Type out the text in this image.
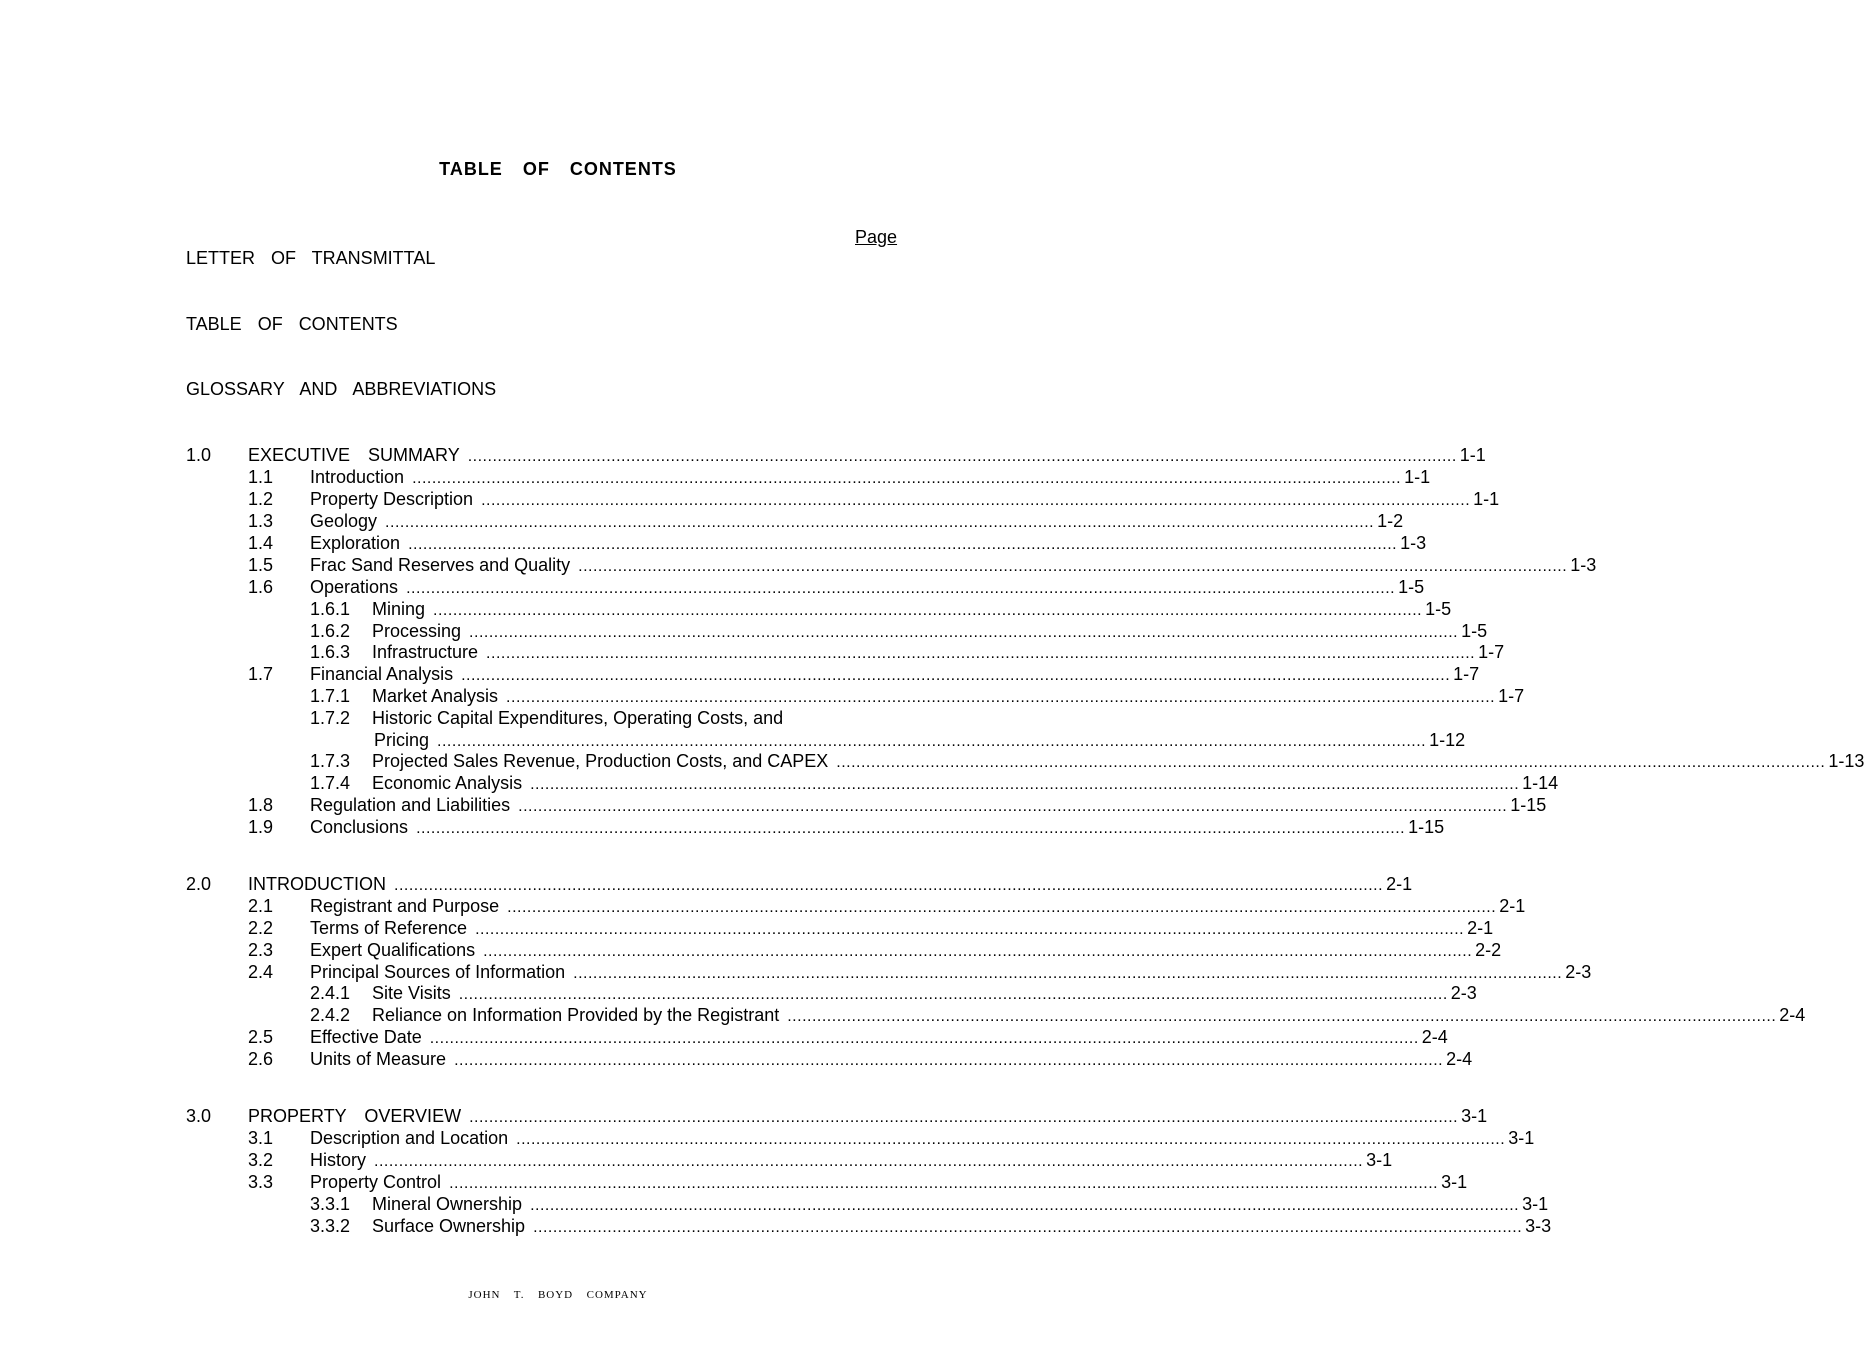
TABLE  OF  CONTENTS
Page
LETTER  OF  TRANSMITTAL
TABLE  OF  CONTENTS
GLOSSARY  AND  ABBREVIATIONS
1.0 EXECUTIVE  SUMMARY ........................................................................................................................................................................................................ 1-1
1.1 Introduction ........................................................................................................................................................................................................ 1-1
1.2 Property Description ........................................................................................................................................................................................................ 1-1
1.3 Geology ........................................................................................................................................................................................................ 1-2
1.4 Exploration ........................................................................................................................................................................................................ 1-3
1.5 Frac Sand Reserves and Quality ........................................................................................................................................................................................................ 1-3
1.6 Operations ........................................................................................................................................................................................................ 1-5
1.6.1 Mining ........................................................................................................................................................................................................ 1-5
1.6.2 Processing ........................................................................................................................................................................................................ 1-5
1.6.3 Infrastructure ........................................................................................................................................................................................................ 1-7
1.7 Financial Analysis ........................................................................................................................................................................................................ 1-7
1.7.1 Market Analysis ........................................................................................................................................................................................................ 1-7
1.7.2 Historic Capital Expenditures, Operating Costs, and
Pricing ........................................................................................................................................................................................................ 1-12
1.7.3 Projected Sales Revenue, Production Costs, and CAPEX ........................................................................................................................................................................................................ 1-13
1.7.4 Economic Analysis ........................................................................................................................................................................................................ 1-14
1.8 Regulation and Liabilities ........................................................................................................................................................................................................ 1-15
1.9 Conclusions ........................................................................................................................................................................................................ 1-15
2.0 INTRODUCTION ........................................................................................................................................................................................................ 2-1
2.1 Registrant and Purpose ........................................................................................................................................................................................................ 2-1
2.2 Terms of Reference ........................................................................................................................................................................................................ 2-1
2.3 Expert Qualifications ........................................................................................................................................................................................................ 2-2
2.4 Principal Sources of Information ........................................................................................................................................................................................................ 2-3
2.4.1 Site Visits ........................................................................................................................................................................................................ 2-3
2.4.2 Reliance on Information Provided by the Registrant ........................................................................................................................................................................................................ 2-4
2.5 Effective Date ........................................................................................................................................................................................................ 2-4
2.6 Units of Measure ........................................................................................................................................................................................................ 2-4
3.0 PROPERTY  OVERVIEW ........................................................................................................................................................................................................ 3-1
3.1 Description and Location ........................................................................................................................................................................................................ 3-1
3.2 History ........................................................................................................................................................................................................ 3-1
3.3 Property Control ........................................................................................................................................................................................................ 3-1
3.3.1 Mineral Ownership ........................................................................................................................................................................................................ 3-1
3.3.2 Surface Ownership ........................................................................................................................................................................................................ 3-3
JOHN  T.  BOYD  COMPANY
